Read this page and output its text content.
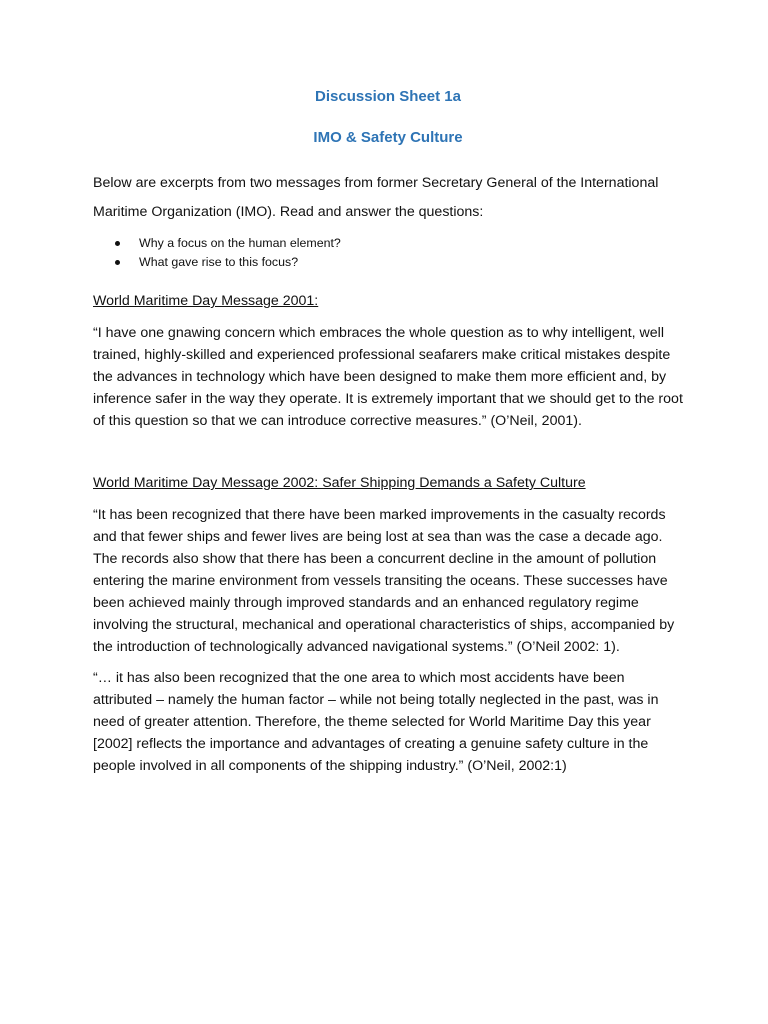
Discussion Sheet 1a
IMO & Safety Culture

Below are excerpts from two messages from former Secretary General of the International Maritime Organization (IMO). Read and answer the questions:

Why a focus on the human element?
What gave rise to this focus?

World Maritime Day Message 2001:

“I have one gnawing concern which embraces the whole question as to why intelligent, well trained, highly-skilled and experienced professional seafarers make critical mistakes despite the advances in technology which have been designed to make them more efficient and, by inference safer in the way they operate. It is extremely important that we should get to the root of this question so that we can introduce corrective measures.” (O’Neil, 2001).

World Maritime Day Message 2002: Safer Shipping Demands a Safety Culture

“It has been recognized that there have been marked improvements in the casualty records and that fewer ships and fewer lives are being lost at sea than was the case a decade ago. The records also show that there has been a concurrent decline in the amount of pollution entering the marine environment from vessels transiting the oceans. These successes have been achieved mainly through improved standards and an enhanced regulatory regime involving the structural, mechanical and operational characteristics of ships, accompanied by the introduction of technologically advanced navigational systems.” (O’Neil 2002: 1).

“… it has also been recognized that the one area to which most accidents have been attributed – namely the human factor – while not being totally neglected in the past, was in need of greater attention. Therefore, the theme selected for World Maritime Day this year [2002] reflects the importance and advantages of creating a genuine safety culture in the people involved in all components of the shipping industry.” (O’Neil, 2002:1)
